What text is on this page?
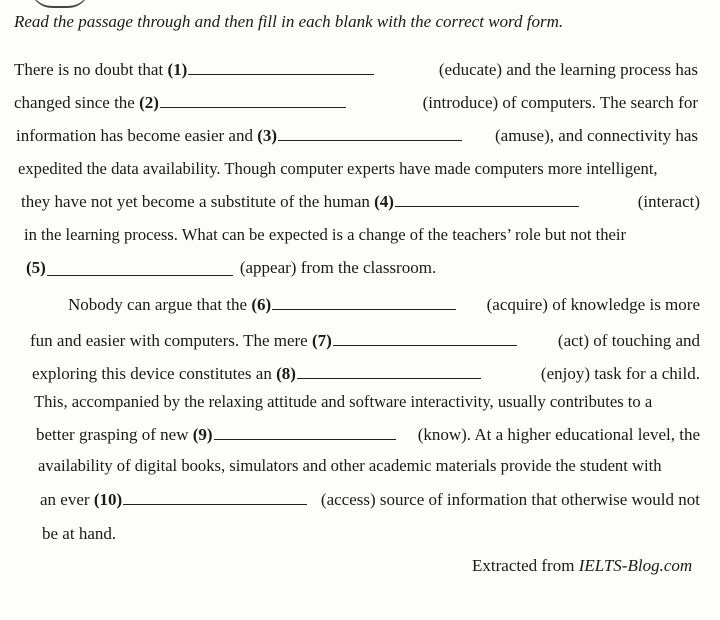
Read the passage through and then fill in each blank with the correct word form.
There is no doubt that (1)	(educate) and the learning process has
changed since the (2)	(introduce) of computers. The search for
information has become easier and (3)	(amuse), and connectivity has
expedited the data availability. Though computer experts have made computers more intelligent,
they have not yet become a substitute of the human (4)	(interact)
in the learning process. What can be expected is a change of the teachers’ role but not their
(5)	(appear) from the classroom.
Nobody can argue that the (6)	(acquire) of knowledge is more
fun and easier with computers. The mere (7)	(act) of touching and
exploring this device constitutes an (8)	(enjoy) task for a child.
This, accompanied by the relaxing attitude and software interactivity, usually contributes to a
better grasping of new (9)	(know). At a higher educational level, the
availability of digital books, simulators and other academic materials provide the student with
an ever (10)	(access) source of information that otherwise would not
be at hand.
Extracted from IELTS-Blog.com
